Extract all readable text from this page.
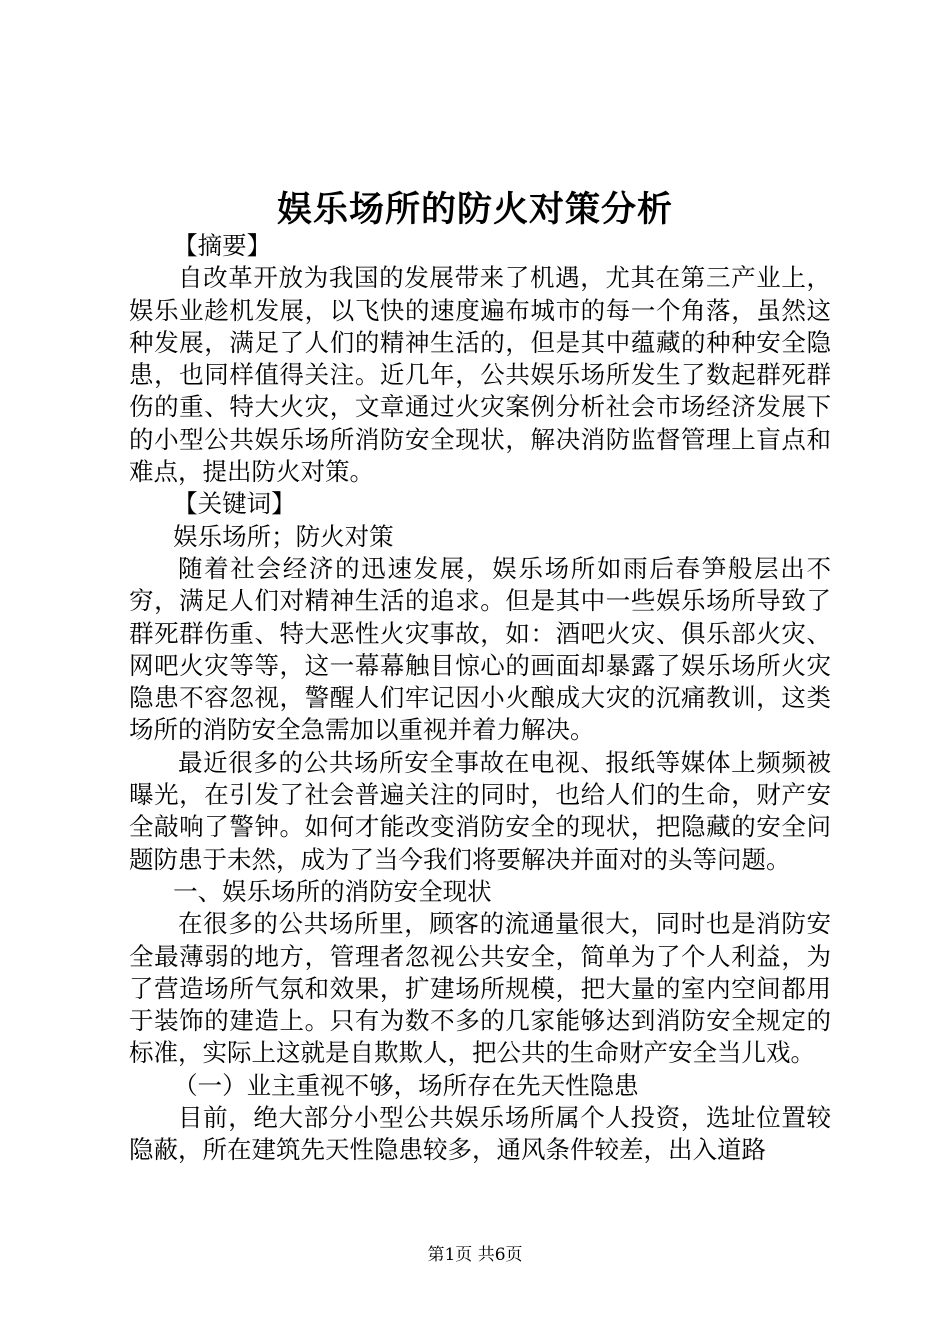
娱乐场所的防火对策分析

【摘要】

自改革开放为我国的发展带来了机遇，尤其在第三产业上，娱乐业趁机发展，以飞快的速度遍布城市的每一个角落，虽然这种发展，满足了人们的精神生活的，但是其中蕴藏的种种安全隐患，也同样值得关注。近几年，公共娱乐场所发生了数起群死群伤的重、特大火灾，文章通过火灾案例分析社会市场经济发展下的小型公共娱乐场所消防安全现状，解决消防监督管理上盲点和难点，提出防火对策。

【关键词】

娱乐场所；防火对策

随着社会经济的迅速发展，娱乐场所如雨后春笋般层出不穷，满足人们对精神生活的追求。但是其中一些娱乐场所导致了群死群伤重、特大恶性火灾事故，如：酒吧火灾、俱乐部火灾、网吧火灾等等，这一幕幕触目惊心的画面却暴露了娱乐场所火灾隐患不容忽视，警醒人们牢记因小火酿成大灾的沉痛教训，这类场所的消防安全急需加以重视并着力解决。

最近很多的公共场所安全事故在电视、报纸等媒体上频频被曝光，在引发了社会普遍关注的同时，也给人们的生命，财产安全敲响了警钟。如何才能改变消防安全的现状，把隐藏的安全问题防患于未然，成为了当今我们将要解决并面对的头等问题。

一、娱乐场所的消防安全现状

在很多的公共场所里，顾客的流通量很大，同时也是消防安全最薄弱的地方，管理者忽视公共安全，简单为了个人利益，为了营造场所气氛和效果，扩建场所规模，把大量的室内空间都用于装饰的建造上。只有为数不多的几家能够达到消防安全规定的标准，实际上这就是自欺欺人，把公共的生命财产安全当儿戏。

（一）业主重视不够，场所存在先天性隐患

目前，绝大部分小型公共娱乐场所属个人投资，选址位置较隐蔽，所在建筑先天性隐患较多，通风条件较差，出入道路

第1页 共6页
